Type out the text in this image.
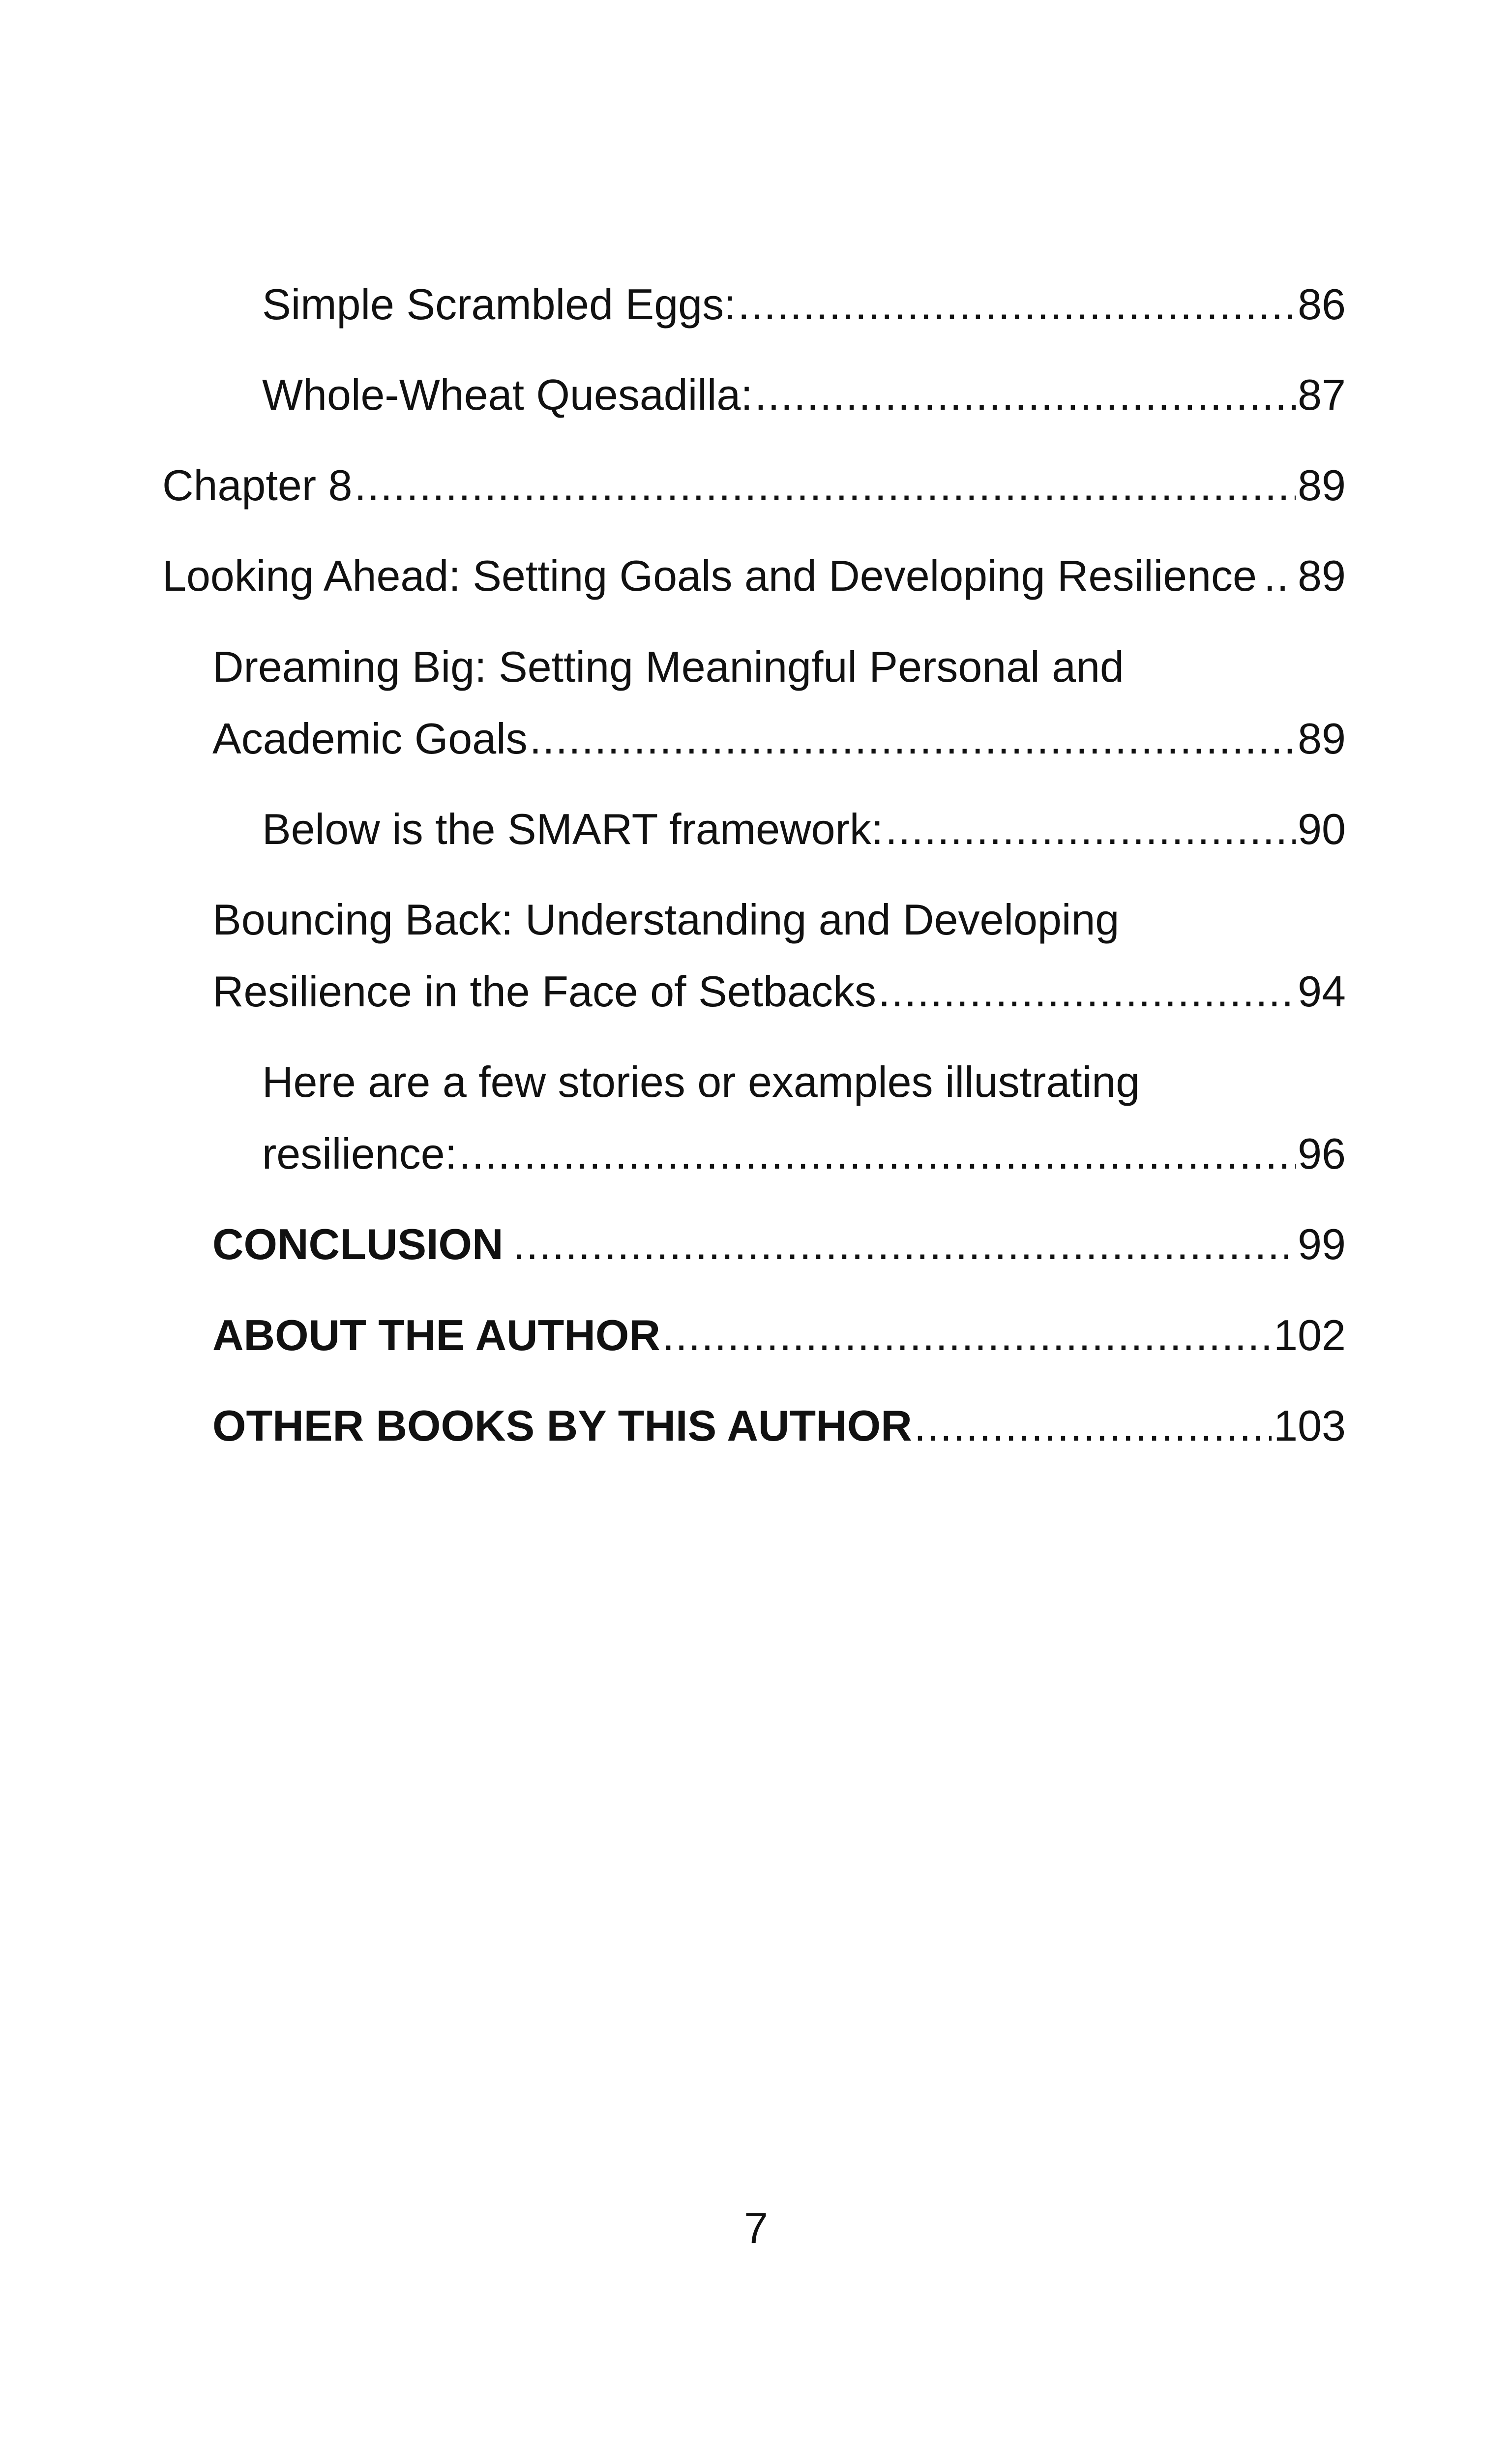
Simple Scrambled Eggs: .....	86
Whole-Wheat Quesadilla: .....	87
Chapter 8 .....	89
Looking Ahead: Setting Goals and Developing Resilience ..... 89
Dreaming Big: Setting Meaningful Personal and
Academic Goals .....	89
Below is the SMART framework: .....	90
Bouncing Back: Understanding and Developing
Resilience in the Face of Setbacks .....	94
Here are a few stories or examples illustrating
resilience: .....	96
CONCLUSION .....	99
ABOUT THE AUTHOR .....	102
OTHER BOOKS BY THIS AUTHOR .....	103
7
